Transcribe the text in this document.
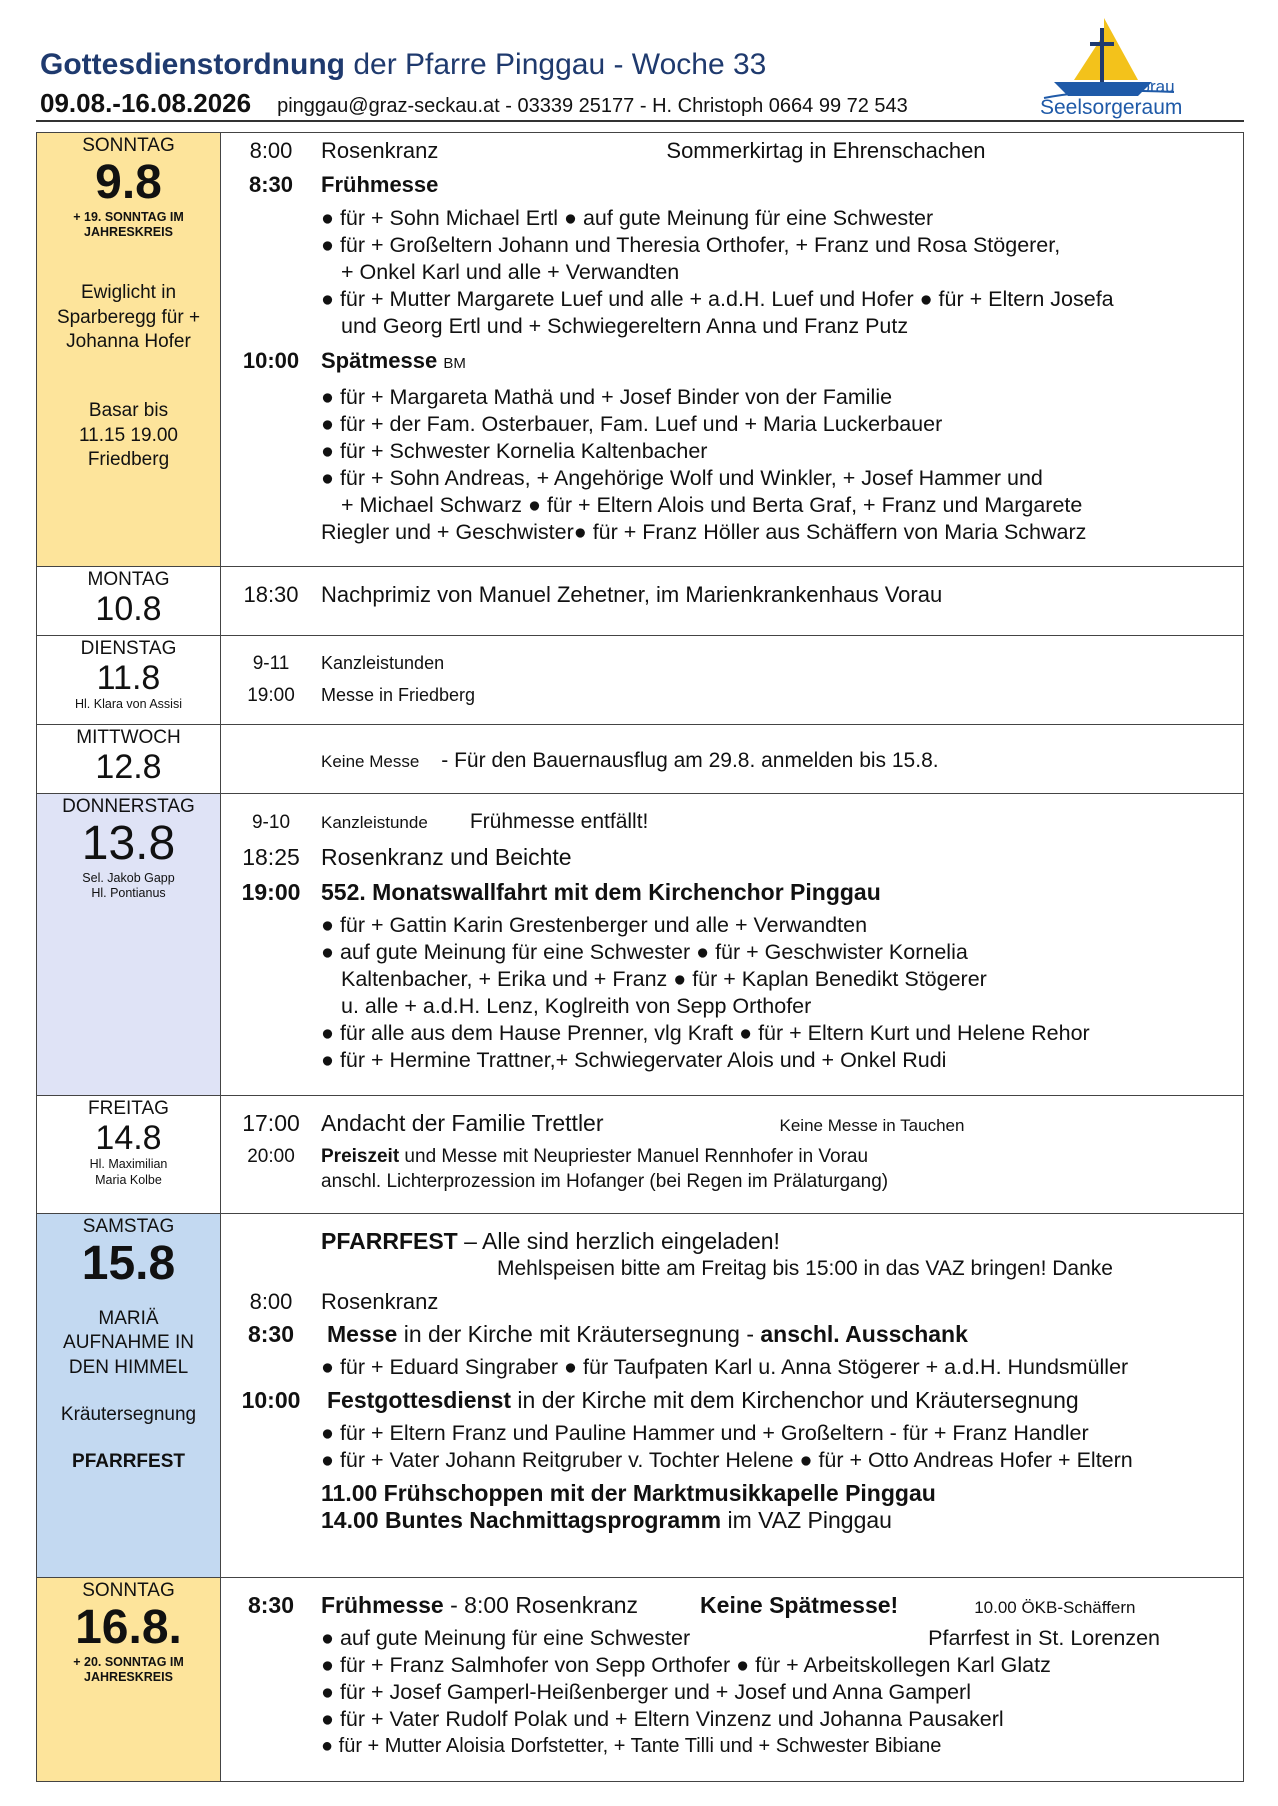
Gottesdienstordnung der Pfarre Pinggau - Woche 33
09.08.-16.08.2026 pinggau@graz-seckau.at - 03339 25177 - H. Christoph 0664 99 72 543
vorau
Seelsorgeraum
SONNTAG
9.8
+ 19. SONNTAG IM JAHRESKREIS
Ewiglicht in Sparberegg für + Johanna Hofer
Basar bis 11.15 19.00 Friedberg
8:00	Rosenkranz	Sommerkirtag in Ehrenschachen
8:30	Frühmesse
● für + Sohn Michael Ertl ● auf gute Meinung für eine Schwester
● für + Großeltern Johann und Theresia Orthofer, + Franz und Rosa Stögerer,
+ Onkel Karl und alle + Verwandten
● für + Mutter Margarete Luef und alle + a.d.H. Luef und Hofer ● für + Eltern Josefa
und Georg Ertl und + Schwiegereltern Anna und Franz Putz
10:00 Spätmesse BM
● für + Margareta Mathä und + Josef Binder von der Familie
● für + der Fam. Osterbauer, Fam. Luef und + Maria Luckerbauer
● für + Schwester Kornelia Kaltenbacher
● für + Sohn Andreas, + Angehörige Wolf und Winkler, + Josef Hammer und
+ Michael Schwarz ● für + Eltern Alois und Berta Graf, + Franz und Margarete
Riegler und + Geschwister● für + Franz Höller aus Schäffern von Maria Schwarz
MONTAG
10.8	18:30	Nachprimiz von Manuel Zehetner, im Marienkrankenhaus Vorau
DIENSTAG
11.8
Hl. Klara von Assisi
9-11	Kanzleistunden
19:00	Messe in Friedberg
MITTWOCH
12.8	Keine Messe - Für den Bauernausflug am 29.8. anmelden bis 15.8.
DONNERSTAG
13.8
Sel. Jakob Gapp Hl. Pontianus
9-10	Kanzleistunde Frühmesse entfällt!
18:25 Rosenkranz und Beichte
19:00 552. Monatswallfahrt mit dem Kirchenchor Pinggau
● für + Gattin Karin Grestenberger und alle + Verwandten
● auf gute Meinung für eine Schwester ● für + Geschwister Kornelia
Kaltenbacher, + Erika und + Franz ● für + Kaplan Benedikt Stögerer
u. alle + a.d.H. Lenz, Koglreith von Sepp Orthofer
● für alle aus dem Hause Prenner, vlg Kraft ● für + Eltern Kurt und Helene Rehor
● für + Hermine Trattner,+ Schwiegervater Alois und + Onkel Rudi
FREITAG
14.8
Hl. Maximilian Maria Kolbe
17:00 Andacht der Familie Trettler	Keine Messe in Tauchen
20:00	Preiszeit und Messe mit Neupriester Manuel Rennhofer in Vorau
anschl. Lichterprozession im Hofanger (bei Regen im Prälaturgang)
SAMSTAG
15.8
MARIÄ AUFNAHME IN DEN HIMMEL
Kräutersegnung
PFARRFEST
PFARRFEST – Alle sind herzlich eingeladen!
Mehlspeisen bitte am Freitag bis 15:00 in das VAZ bringen! Danke
8:00	Rosenkranz
8:30	Messe in der Kirche mit Kräutersegnung - anschl. Ausschank
● für + Eduard Singraber ● für Taufpaten Karl u. Anna Stögerer + a.d.H. Hundsmüller
10:00	Festgottesdienst in der Kirche mit dem Kirchenchor und Kräutersegnung
● für + Eltern Franz und Pauline Hammer und + Großeltern - für + Franz Handler
● für + Vater Johann Reitgruber v. Tochter Helene ● für + Otto Andreas Hofer + Eltern
11.00 Frühschoppen mit der Marktmusikkapelle Pinggau
14.00 Buntes Nachmittagsprogramm im VAZ Pinggau
SONNTAG
16.8.
+ 20. SONNTAG IM JAHRESKREIS
8:30	Frühmesse - 8:00 Rosenkranz	Keine Spätmesse!	10.00 ÖKB-Schäffern
● auf gute Meinung für eine Schwester	Pfarrfest in St. Lorenzen
● für + Franz Salmhofer von Sepp Orthofer ● für + Arbeitskollegen Karl Glatz
● für + Josef Gamperl-Heißenberger und + Josef und Anna Gamperl
● für + Vater Rudolf Polak und + Eltern Vinzenz und Johanna Pausakerl
● für + Mutter Aloisia Dorfstetter, + Tante Tilli und + Schwester Bibiane
